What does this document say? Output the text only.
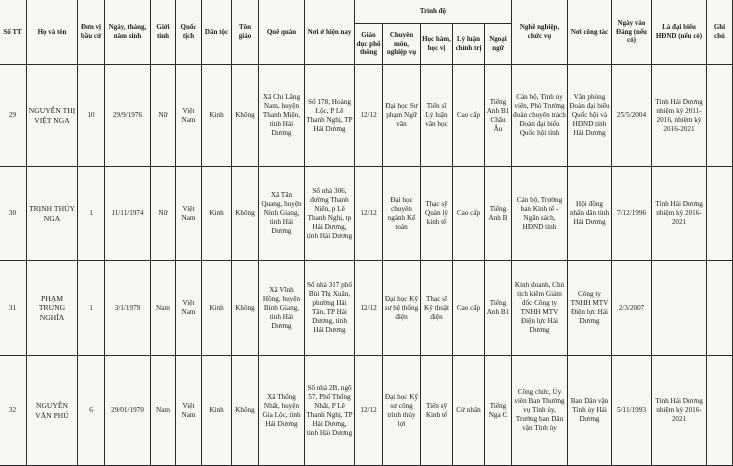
Số TT	Họ và tên	Đơn vị bầu cử	Ngày, tháng, năm sinh	Giới tính	Quốc tịch	Dân tộc	Tôn giáo	Quê quán	Nơi ở hiện nay	Trình độ					Nghề nghiệp, chức vụ	Nơi công tác	Ngày vào Đảng (nếu có)	Là đại biểu HĐND (nếu có)	Ghi chú
										Giáo dục phổ thông	Chuyên môn, nghiệp vụ	Học hàm, học vị	Lý luận chính trị	Ngoại ngữ					
29	NGUYỄN THỊ VIỆT NGA	10	29/9/1976	Nữ	Việt Nam	Kinh	Không	Xã Chi Lăng Nam, huyện Thanh Miện, tỉnh Hải Dương	Số 178, Hoàng Lộc, P Lê Thanh Nghị, TP Hải Dương	12/12	Đại học Sư phạm Ngữ văn	Tiến sĩ Lý luận văn học	Cao cấp	Tiếng Anh B1 Châu Âu	Cán bộ, Tỉnh ủy viên, Phó Trưởng đoàn chuyên trách Đoàn đại biểu Quốc hội tỉnh	Văn phòng Đoàn đại biểu Quốc hội và HĐND tỉnh Hải Dương	25/5/2004	Tỉnh Hải Dương nhiệm kỳ 2011-2016, nhiệm kỳ 2016-2021	
30	TRỊNH THÚY NGA	1	11/11/1974	Nữ	Việt Nam	Kinh	Không	Xã Tân Quang, huyện Ninh Giang, tỉnh Hải Dương	Số nhà 306, đường Thanh Niên, p Lê Thanh Nghị, tp Hải Dương, tỉnh Hải Dương	12/12	Đại học chuyên ngành Kế toán	Thạc sỹ Quản lý kinh tế	Cao cấp	Tiếng Anh B	Cán bộ, Trưởng ban Kinh tế - Ngân sách, HĐND tỉnh	Hội đồng nhân dân tỉnh Hải Dương	7/12/1996	Tỉnh Hải Dương nhiệm kỳ 2016-2021	
31	PHẠM TRUNG NGHĨA	1	3/1/1979	Nam	Việt Nam	Kinh	Không	Xã Vĩnh Hồng, huyện Bình Giang, tỉnh Hải Dương	Số nhà 317 phố Bùi Thị Xuân, phường Hải Tân, TP Hải Dương, tỉnh Hải Dương	12/12	Đại học Kỹ sư hệ thống điện	Thạc sĩ Kỹ thuật điện	Cao cấp	Tiếng Anh B1	Kinh doanh, Chủ tịch kiêm Giám đốc Công ty TNHH MTV Điện lực Hải Dương	Công ty TNHH MTV Điện lực Hải Dương	2/3/2007		
32	NGUYỄN VĂN PHÚ	6	29/01/1970	Nam	Việt Nam	Kinh	Không	Xã Thống Nhất, huyện Gia Lộc, tỉnh Hải Dương	Số nhà 2B, ngõ 57, Phố Thống Nhất, P Lê Thanh Nghị, TP Hải Dương, tỉnh Hải Dương	12/12	Đại học Kỹ sư công trình thủy lợi	Tiến sỹ Kinh tế	Cử nhân	Tiếng Nga C	Công chức, Ủy viên Ban Thường vụ Tỉnh ủy, Trưởng ban Dân vận Tỉnh ủy	Ban Dân vận Tỉnh ủy Hải Dương	5/11/1993	Tỉnh Hải Dương nhiệm kỳ 2016-2021	
